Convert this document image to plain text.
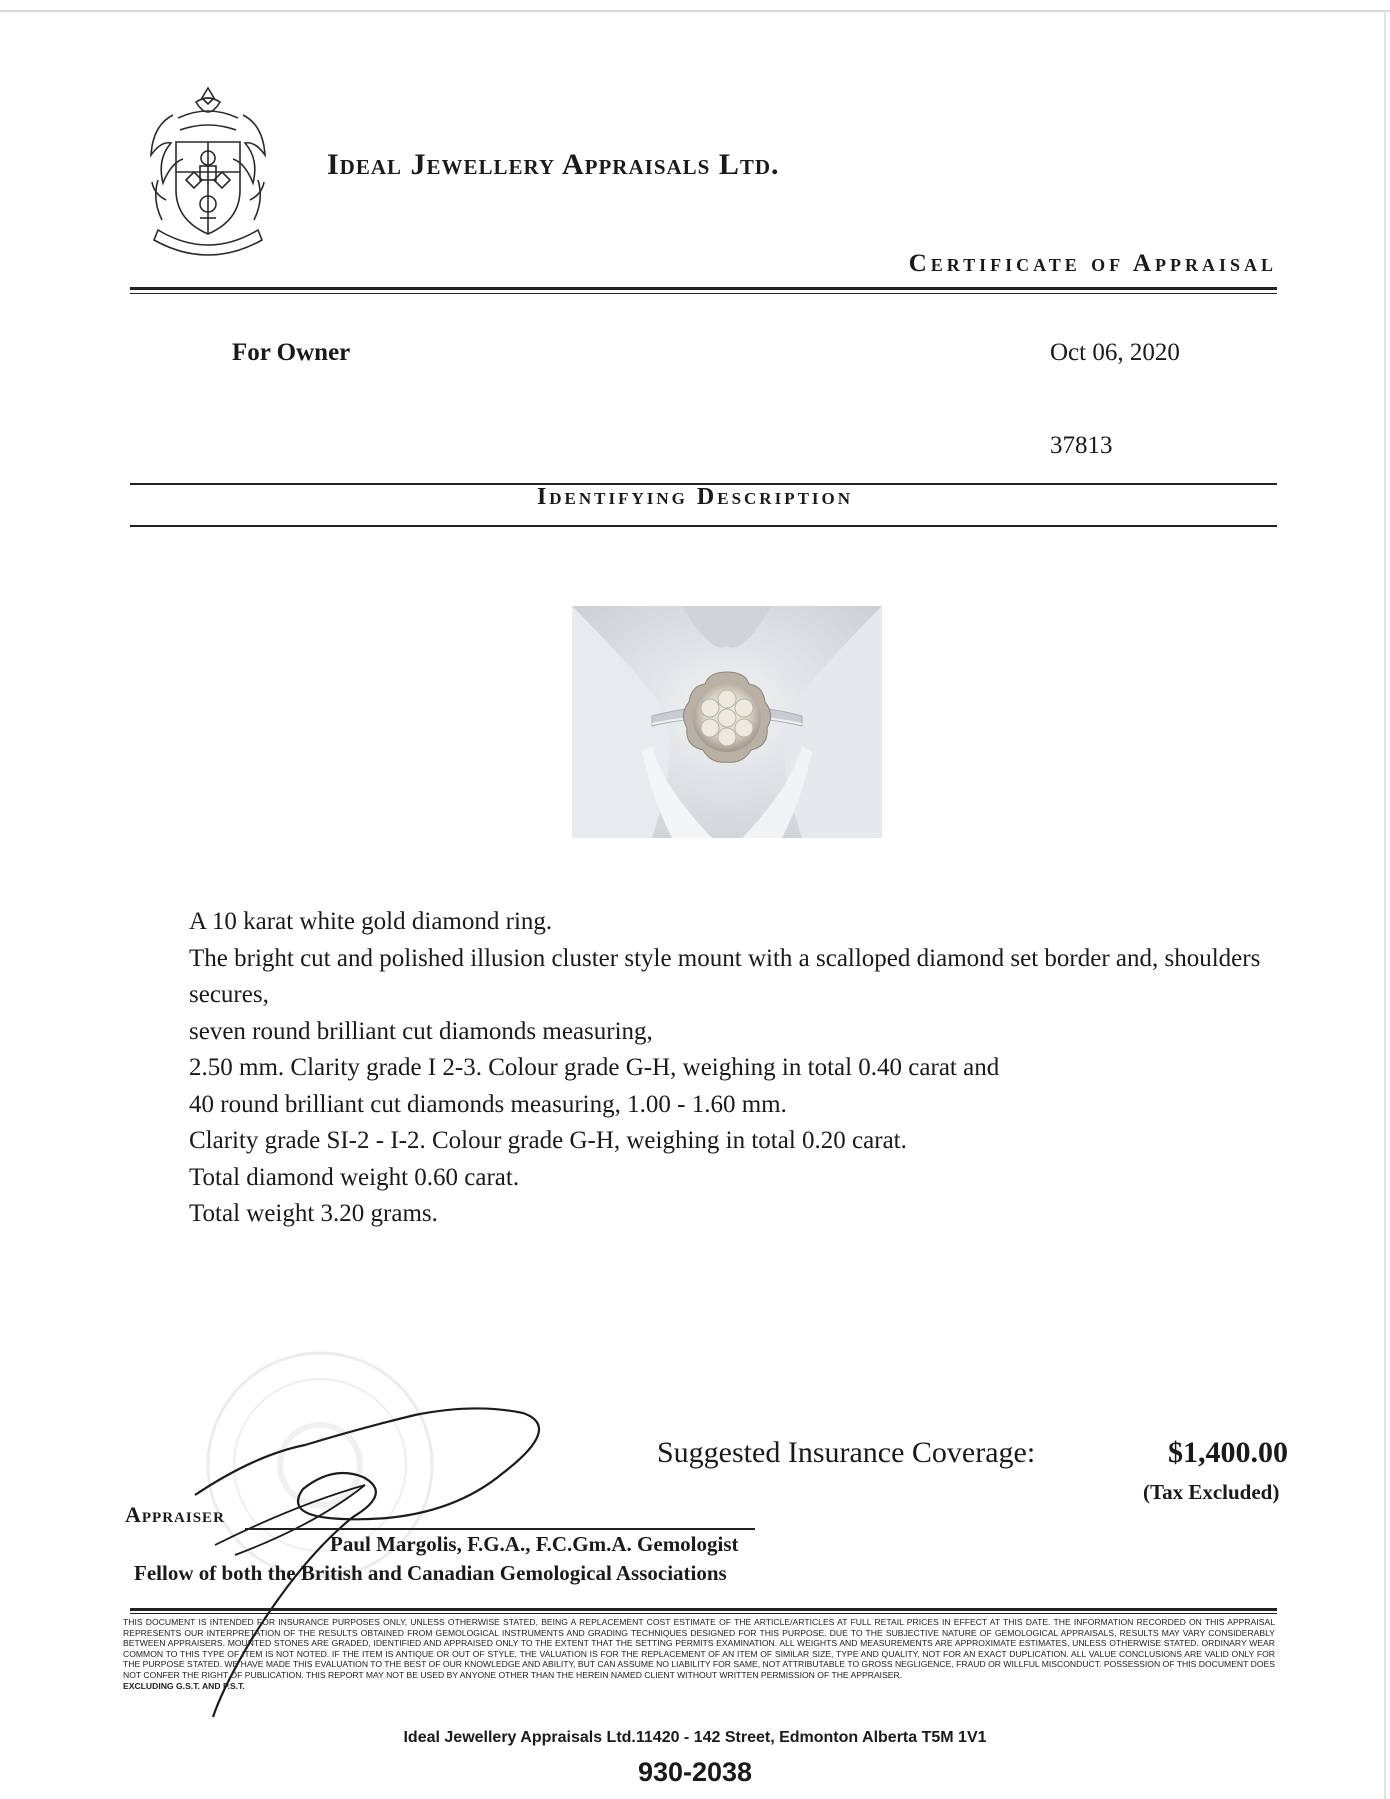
Ideal Jewellery Appraisals Ltd.
Certificate of Appraisal
For Owner	Oct 06, 2020
37813
Identifying Description
A 10 karat white gold diamond ring.
The bright cut and polished illusion cluster style mount with a scalloped diamond set border and, shoulders secures,
seven round brilliant cut diamonds measuring,
2.50 mm. Clarity grade I 2-3. Colour grade G-H, weighing in total 0.40 carat and
40 round brilliant cut diamonds measuring, 1.00 - 1.60 mm.
Clarity grade SI-2 - I-2. Colour grade G-H, weighing in total 0.20 carat.
Total diamond weight 0.60 carat.
Total weight 3.20 grams.
Suggested Insurance Coverage:	$1,400.00
(Tax Excluded)
Appraiser
Paul Margolis, F.G.A., F.C.Gm.A. Gemologist
Fellow of both the British and Canadian Gemological Associations
THIS DOCUMENT IS INTENDED FOR INSURANCE PURPOSES ONLY, UNLESS OTHERWISE STATED, BEING A REPLACEMENT COST ESTIMATE OF THE ARTICLE/ARTICLES AT FULL RETAIL PRICES IN EFFECT AT THIS DATE. THE INFORMATION RECORDED ON THIS APPRAISAL REPRESENTS OUR INTERPRETATION OF THE RESULTS OBTAINED FROM GEMOLOGICAL INSTRUMENTS AND GRADING TECHNIQUES DESIGNED FOR THIS PURPOSE. DUE TO THE SUBJECTIVE NATURE OF GEMOLOGICAL APPRAISALS, RESULTS MAY VARY CONSIDERABLY BETWEEN APPRAISERS. MOUNTED STONES ARE GRADED, IDENTIFIED AND APPRAISED ONLY TO THE EXTENT THAT THE SETTING PERMITS EXAMINATION. ALL WEIGHTS AND MEASUREMENTS ARE APPROXIMATE ESTIMATES, UNLESS OTHERWISE STATED. ORDINARY WEAR COMMON TO THIS TYPE OF ITEM IS NOT NOTED. IF THE ITEM IS ANTIQUE OR OUT OF STYLE, THE VALUATION IS FOR THE REPLACEMENT OF AN ITEM OF SIMILAR SIZE, TYPE AND QUALITY, NOT FOR AN EXACT DUPLICATION. ALL VALUE CONCLUSIONS ARE VALID ONLY FOR THE PURPOSE STATED. WE HAVE MADE THIS EVALUATION TO THE BEST OF OUR KNOWLEDGE AND ABILITY, BUT CAN ASSUME NO LIABILITY FOR SAME, NOT ATTRIBUTABLE TO GROSS NEGLIGENCE, FRAUD OR WILLFUL MISCONDUCT. POSSESSION OF THIS DOCUMENT DOES NOT CONFER THE RIGHT OF PUBLICATION. THIS REPORT MAY NOT BE USED BY ANYONE OTHER THAN THE HEREIN NAMED CLIENT WITHOUT WRITTEN PERMISSION OF THE APPRAISER.
EXCLUDING G.S.T. AND P.S.T.
Ideal Jewellery Appraisals Ltd.11420 - 142 Street, Edmonton Alberta T5M 1V1
930-2038
